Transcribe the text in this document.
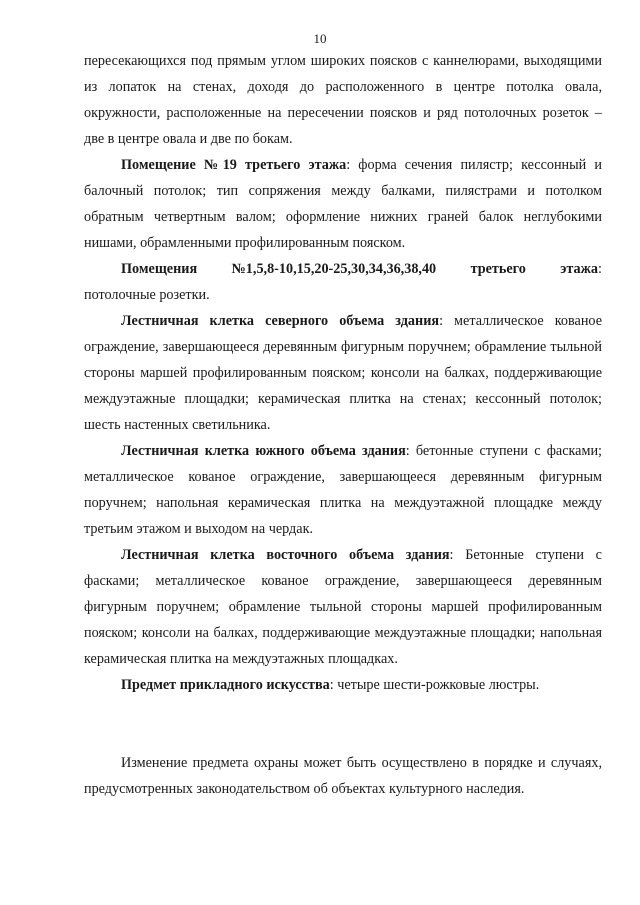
10

пересекающихся под прямым углом широких поясков с каннелюрами, выходящими из лопаток на стенах, доходя до расположенного в центре потолка овала, окружности, расположенные на пересечении поясков и ряд потолочных розеток – две в центре овала и две по бокам.

Помещение №19 третьего этажа: форма сечения пилястр; кессонный и балочный потолок; тип сопряжения между балками, пилястрами и потолком обратным четвертным валом; оформление нижних граней балок неглубокими нишами, обрамленными профилированным пояском.

Помещения №1,5,8-10,15,20-25,30,34,36,38,40 третьего этажа:
потолочные розетки.

Лестничная клетка северного объема здания: металлическое кованое ограждение, завершающееся деревянным фигурным поручнем; обрамление тыльной стороны маршей профилированным пояском; консоли на балках, поддерживающие междуэтажные площадки; керамическая плитка на стенах; кессонный потолок; шесть настенных светильника.

Лестничная клетка южного объема здания: бетонные ступени с фасками; металлическое кованое ограждение, завершающееся деревянным фигурным поручнем; напольная керамическая плитка на междуэтажной площадке между третьим этажом и выходом на чердак.

Лестничная клетка восточного объема здания: Бетонные ступени с фасками; металлическое кованое ограждение, завершающееся деревянным фигурным поручнем; обрамление тыльной стороны маршей профилированным пояском; консоли на балках, поддерживающие междуэтажные площадки; напольная керамическая плитка на междуэтажных площадках.

Предмет прикладного искусства: четыре шести-рожковые люстры.

Изменение предмета охраны может быть осуществлено в порядке и случаях, предусмотренных законодательством об объектах культурного наследия.
